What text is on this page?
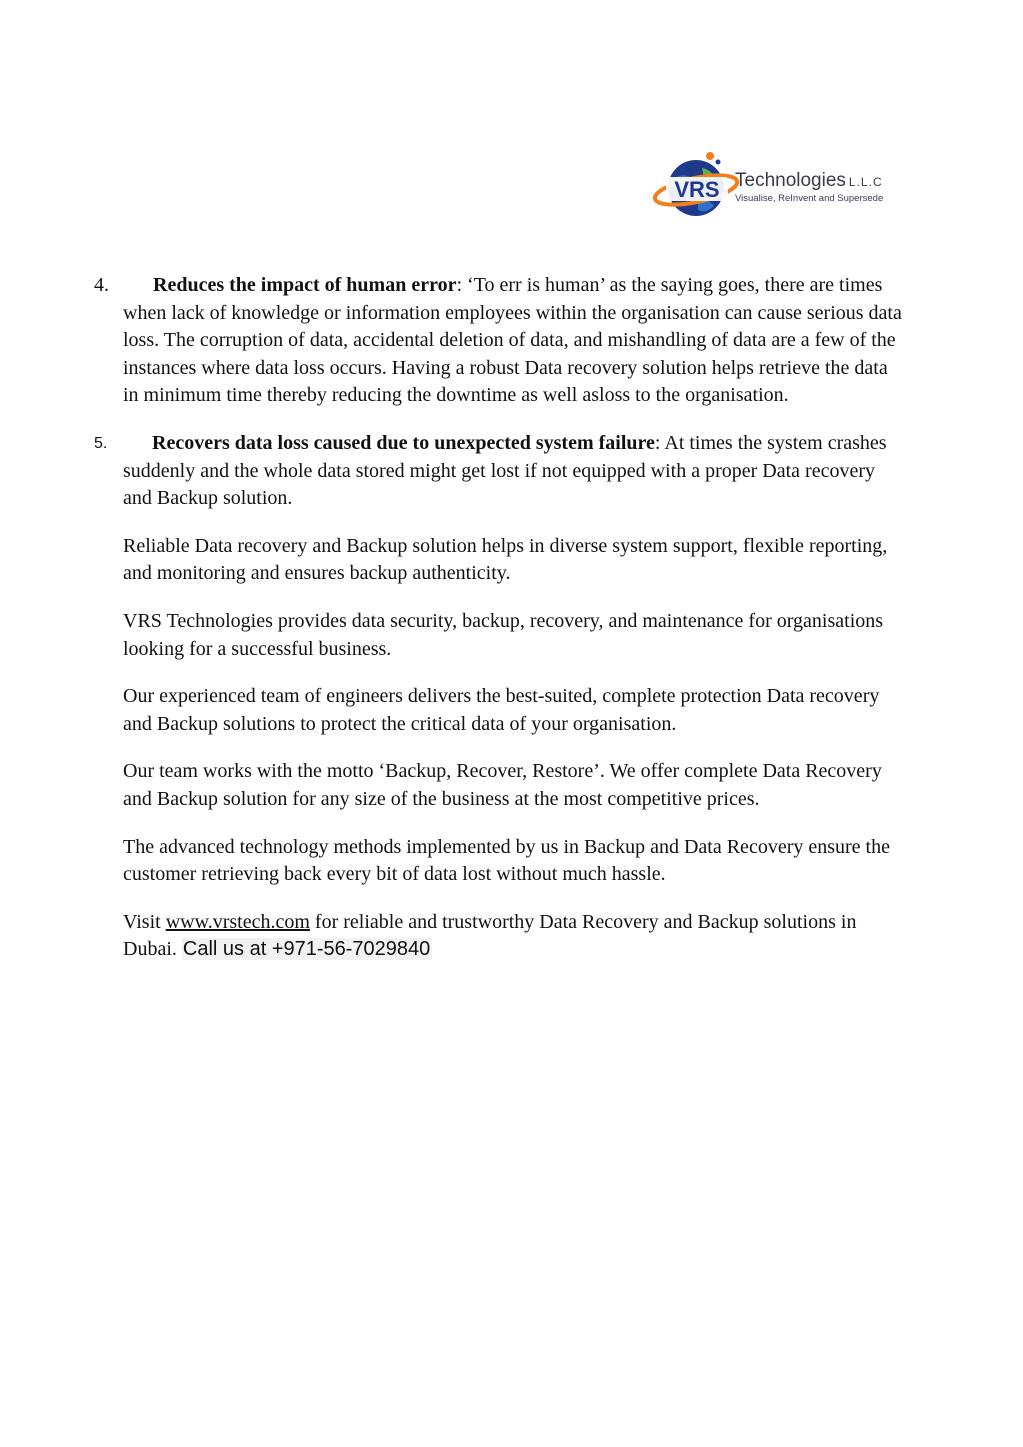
VRS Technologies L.L.C
Visualise, ReInvent and Supersede
4. Reduces the impact of human error: ‘To err is human’ as the saying goes, there are times when lack of knowledge or information employees within the organisation can cause serious data loss. The corruption of data, accidental deletion of data, and mishandling of data are a few of the instances where data loss occurs. Having a robust Data recovery solution helps retrieve the data in minimum time thereby reducing the downtime as well asloss to the organisation.
5. Recovers data loss caused due to unexpected system failure: At times the system crashes suddenly and the whole data stored might get lost if not equipped with a proper Data recovery and Backup solution.

Reliable Data recovery and Backup solution helps in diverse system support, flexible reporting, and monitoring and ensures backup authenticity.

VRS Technologies provides data security, backup, recovery, and maintenance for organisations looking for a successful business.

Our experienced team of engineers delivers the best-suited, complete protection Data recovery and Backup solutions to protect the critical data of your organisation.

Our team works with the motto ‘Backup, Recover, Restore’. We offer complete Data Recovery and Backup solution for any size of the business at the most competitive prices.

The advanced technology methods implemented by us in Backup and Data Recovery ensure the customer retrieving back every bit of data lost without much hassle.

Visit www.vrstech.com for reliable and trustworthy Data Recovery and Backup solutions in Dubai. Call us at +971-56-7029840
